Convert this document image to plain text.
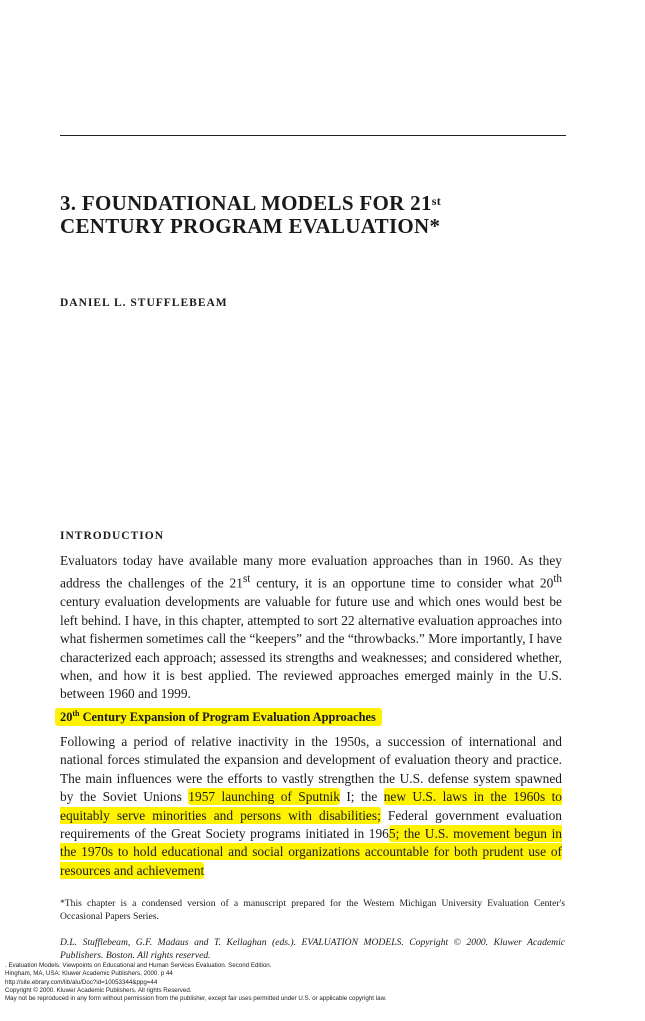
3. FOUNDATIONAL MODELS FOR 21st
CENTURY PROGRAM EVALUATION*

DANIEL L. STUFFLEBEAM

INTRODUCTION

Evaluators today have available many more evaluation approaches than in 1960. As they address the challenges of the 21st century, it is an opportune time to consider what 20th century evaluation developments are valuable for future use and which ones would best be left behind. I have, in this chapter, attempted to sort 22 alternative evaluation approaches into what fishermen sometimes call the “keepers” and the “throwbacks.” More importantly, I have characterized each approach; assessed its strengths and weaknesses; and considered whether, when, and how it is best applied. The reviewed approaches emerged mainly in the U.S. between 1960 and 1999.

20th Century Expansion of Program Evaluation Approaches

Following a period of relative inactivity in the 1950s, a succession of international and national forces stimulated the expansion and development of evaluation theory and practice. The main influences were the efforts to vastly strengthen the U.S. defense system spawned by the Soviet Unions 1957 launching of Sputnik I; the new U.S. laws in the 1960s to equitably serve minorities and persons with disabilities; Federal government evaluation requirements of the Great Society programs initiated in 1965; the U.S. movement begun in the 1970s to hold educational and social organizations accountable for both prudent use of resources and achievement

*This chapter is a condensed version of a manuscript prepared for the Western Michigan University Evaluation Center's Occasional Papers Series.

D.L. Stufflebeam, G.F. Madaus and T. Kellaghan (eds.). EVALUATION MODELS. Copyright © 2000. Kluwer Academic Publishers. Boston. All rights reserved.

. Evaluation Models. Viewpoints on Educational and Human Services Evaluation. Second Edition.
Hingham, MA, USA: Kluwer Academic Publishers, 2000. p 44
http://site.ebrary.com/lib/alu/Doc?id=10053344&ppg=44
Copyright © 2000. Kluwer Academic Publishers. All rights Reserved.
May not be reproduced in any form without permission from the publisher, except fair uses permitted under U.S. or applicable copyright law.
